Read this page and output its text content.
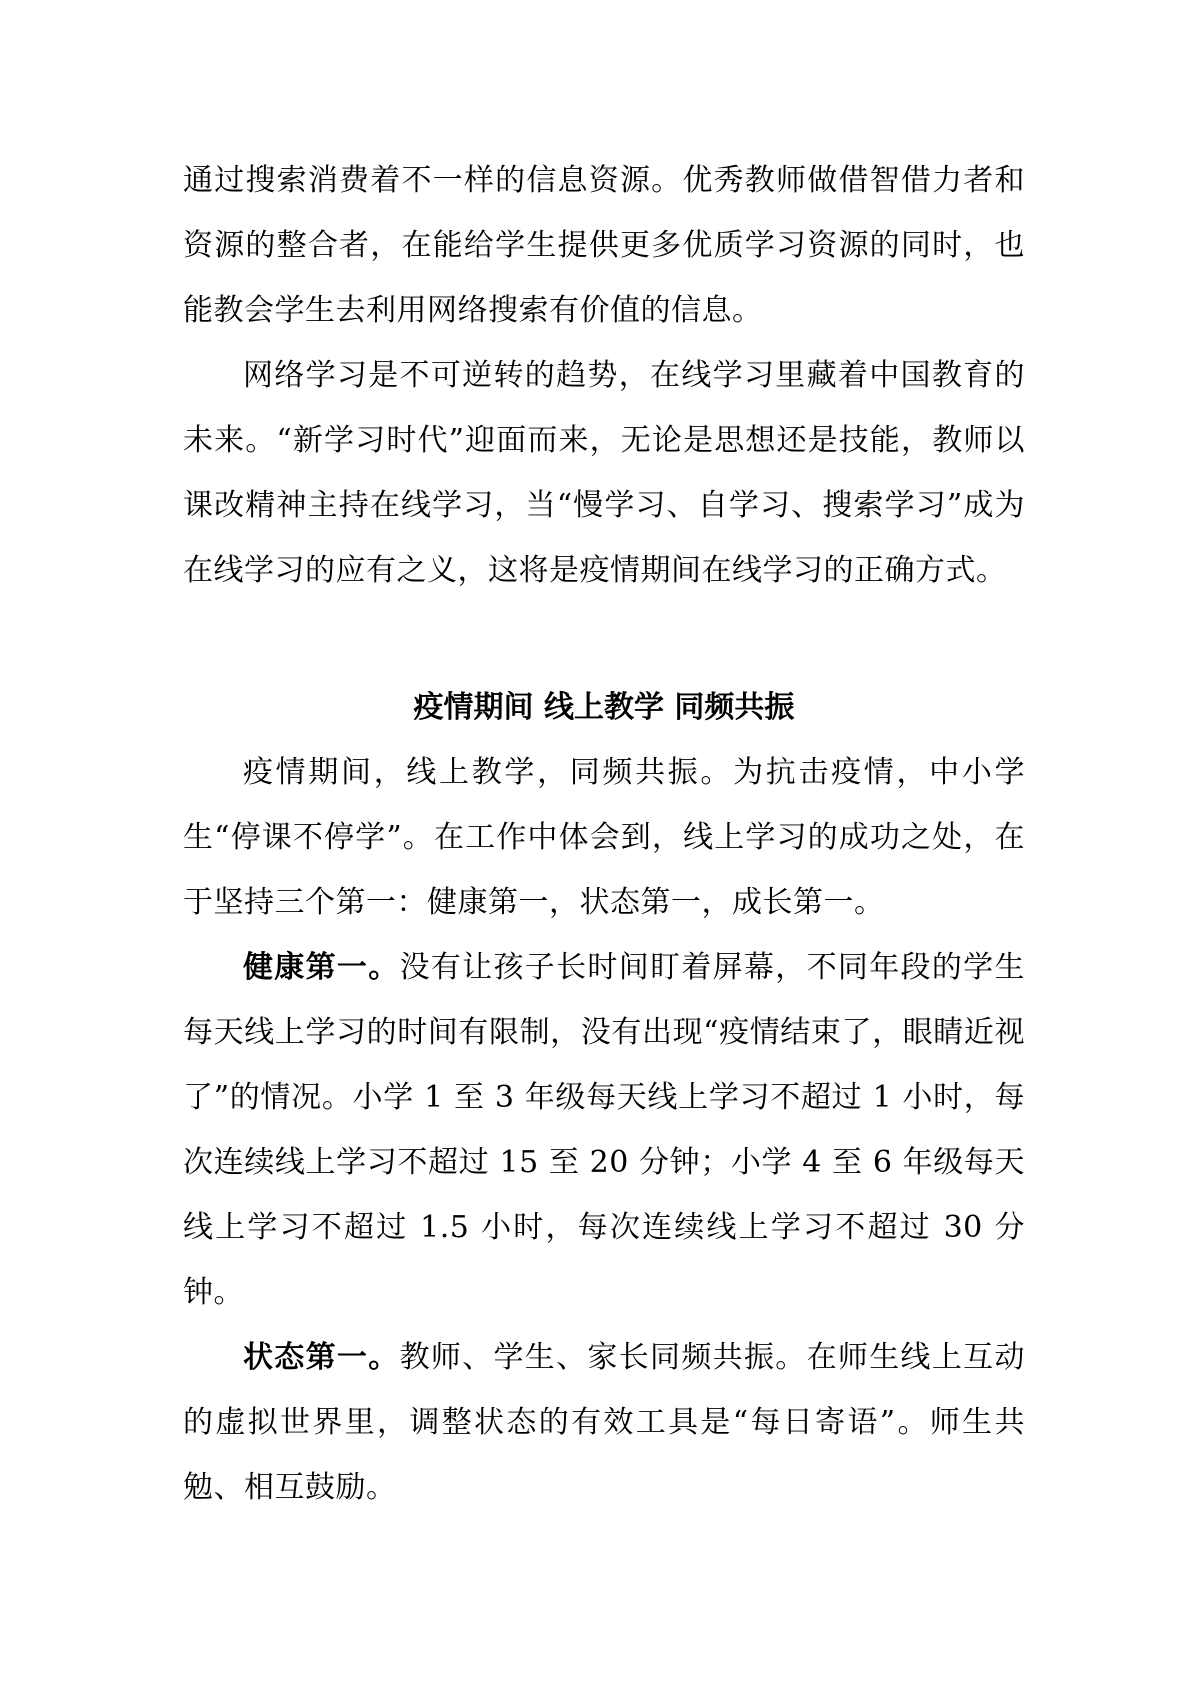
通过搜索消费着不一样的信息资源。优秀教师做借智借力者和资源的整合者，在能给学生提供更多优质学习资源的同时，也能教会学生去利用网络搜索有价值的信息。

网络学习是不可逆转的趋势，在线学习里藏着中国教育的未来。“新学习时代”迎面而来，无论是思想还是技能，教师以课改精神主持在线学习，当“慢学习、自学习、搜索学习”成为在线学习的应有之义，这将是疫情期间在线学习的正确方式。

疫情期间 线上教学 同频共振

疫情期间，线上教学，同频共振。为抗击疫情，中小学生“停课不停学”。在工作中体会到，线上学习的成功之处，在于坚持三个第一：健康第一，状态第一，成长第一。

健康第一。没有让孩子长时间盯着屏幕，不同年段的学生每天线上学习的时间有限制，没有出现“疫情结束了，眼睛近视了”的情况。小学 1 至 3 年级每天线上学习不超过 1 小时，每次连续线上学习不超过 15 至 20 分钟；小学 4 至 6 年级每天线上学习不超过 1.5 小时，每次连续线上学习不超过 30 分钟。

状态第一。教师、学生、家长同频共振。在师生线上互动的虚拟世界里，调整状态的有效工具是“每日寄语”。师生共勉、相互鼓励。
